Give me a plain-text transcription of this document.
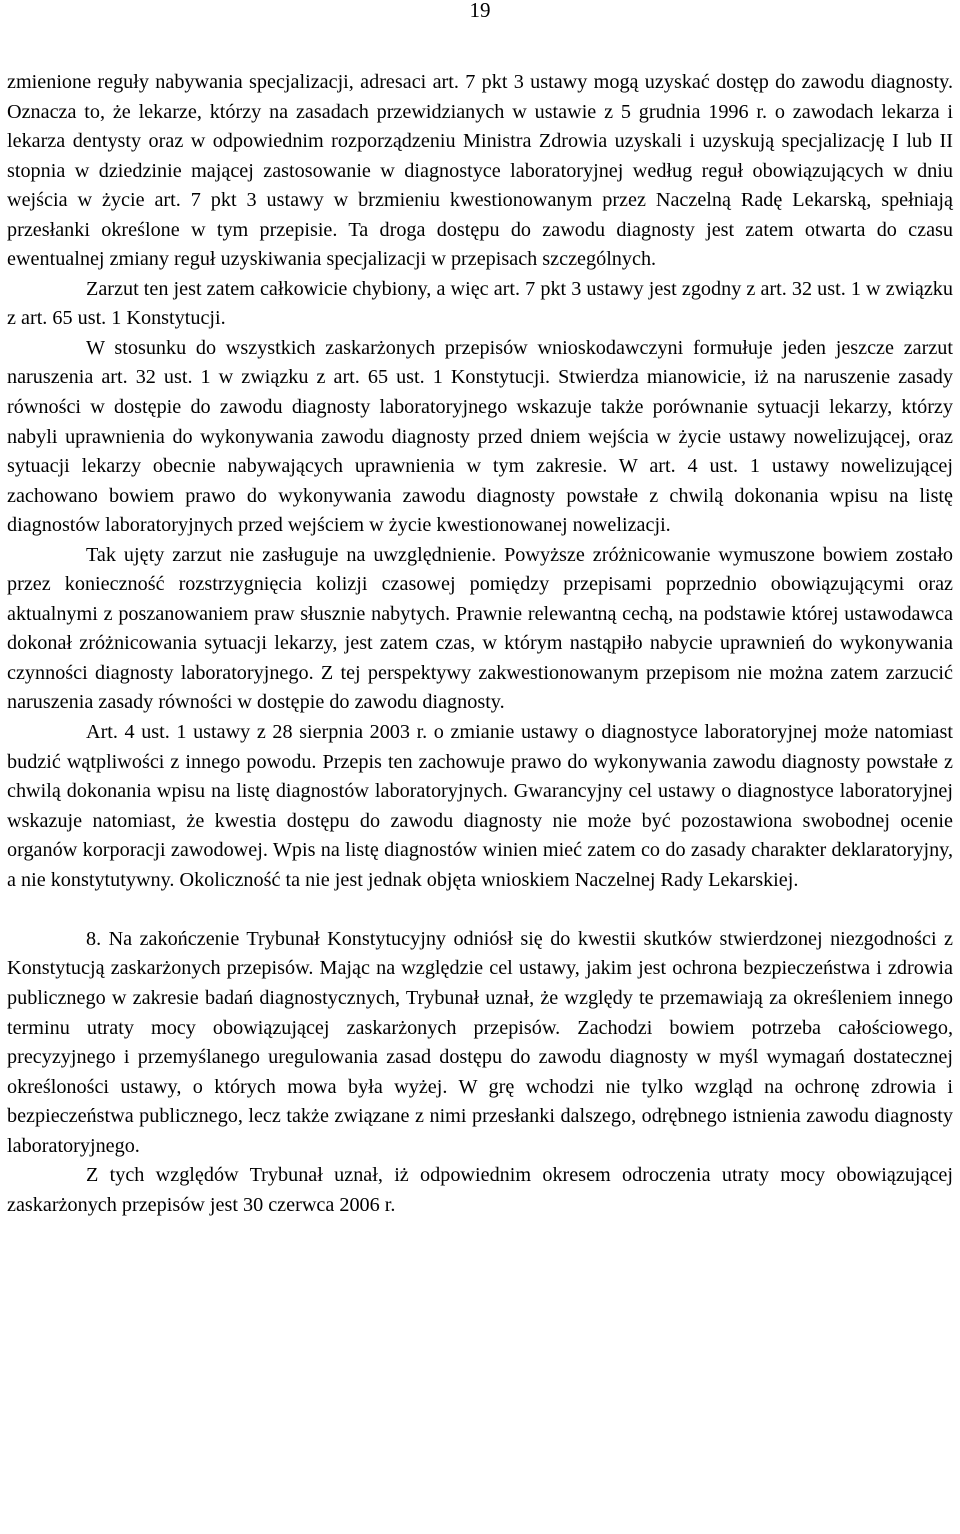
19

zmienione reguły nabywania specjalizacji, adresaci art. 7 pkt 3 ustawy mogą uzyskać dostęp do zawodu diagnosty. Oznacza to, że lekarze, którzy na zasadach przewidzianych w ustawie z 5 grudnia 1996 r. o zawodach lekarza i lekarza dentysty oraz w odpowiednim rozporządzeniu Ministra Zdrowia uzyskali i uzyskują specjalizację I lub II stopnia w dziedzinie mającej zastosowanie w diagnostyce laboratoryjnej według reguł obowiązujących w dniu wejścia w życie art. 7 pkt 3 ustawy w brzmieniu kwestionowanym przez Naczelną Radę Lekarską, spełniają przesłanki określone w tym przepisie. Ta droga dostępu do zawodu diagnosty jest zatem otwarta do czasu ewentualnej zmiany reguł uzyskiwania specjalizacji w przepisach szczególnych.

Zarzut ten jest zatem całkowicie chybiony, a więc art. 7 pkt 3 ustawy jest zgodny z art. 32 ust. 1 w związku z art. 65 ust. 1 Konstytucji.

W stosunku do wszystkich zaskarżonych przepisów wnioskodawczyni formułuje jeden jeszcze zarzut naruszenia art. 32 ust. 1 w związku z art. 65 ust. 1 Konstytucji. Stwierdza mianowicie, iż na naruszenie zasady równości w dostępie do zawodu diagnosty laboratoryjnego wskazuje także porównanie sytuacji lekarzy, którzy nabyli uprawnienia do wykonywania zawodu diagnosty przed dniem wejścia w życie ustawy nowelizującej, oraz sytuacji lekarzy obecnie nabywających uprawnienia w tym zakresie. W art. 4 ust. 1 ustawy nowelizującej zachowano bowiem prawo do wykonywania zawodu diagnosty powstałe z chwilą dokonania wpisu na listę diagnostów laboratoryjnych przed wejściem w życie kwestionowanej nowelizacji.

Tak ujęty zarzut nie zasługuje na uwzględnienie. Powyższe zróżnicowanie wymuszone bowiem zostało przez konieczność rozstrzygnięcia kolizji czasowej pomiędzy przepisami poprzednio obowiązującymi oraz aktualnymi z poszanowaniem praw słusznie nabytych. Prawnie relewantną cechą, na podstawie której ustawodawca dokonał zróżnicowania sytuacji lekarzy, jest zatem czas, w którym nastąpiło nabycie uprawnień do wykonywania czynności diagnosty laboratoryjnego. Z tej perspektywy zakwestionowanym przepisom nie można zatem zarzucić naruszenia zasady równości w dostępie do zawodu diagnosty.

Art. 4 ust. 1 ustawy z 28 sierpnia 2003 r. o zmianie ustawy o diagnostyce laboratoryjnej może natomiast budzić wątpliwości z innego powodu. Przepis ten zachowuje prawo do wykonywania zawodu diagnosty powstałe z chwilą dokonania wpisu na listę diagnostów laboratoryjnych. Gwarancyjny cel ustawy o diagnostyce laboratoryjnej wskazuje natomiast, że kwestia dostępu do zawodu diagnosty nie może być pozostawiona swobodnej ocenie organów korporacji zawodowej. Wpis na listę diagnostów winien mieć zatem co do zasady charakter deklaratoryjny, a nie konstytutywny. Okoliczność ta nie jest jednak objęta wnioskiem Naczelnej Rady Lekarskiej.

8. Na zakończenie Trybunał Konstytucyjny odniósł się do kwestii skutków stwierdzonej niezgodności z Konstytucją zaskarżonych przepisów. Mając na względzie cel ustawy, jakim jest ochrona bezpieczeństwa i zdrowia publicznego w zakresie badań diagnostycznych, Trybunał uznał, że względy te przemawiają za określeniem innego terminu utraty mocy obowiązującej zaskarżonych przepisów. Zachodzi bowiem potrzeba całościowego, precyzyjnego i przemyślanego uregulowania zasad dostępu do zawodu diagnosty w myśl wymagań dostatecznej określoności ustawy, o których mowa była wyżej. W grę wchodzi nie tylko wzgląd na ochronę zdrowia i bezpieczeństwa publicznego, lecz także związane z nimi przesłanki dalszego, odrębnego istnienia zawodu diagnosty laboratoryjnego.

Z tych względów Trybunał uznał, iż odpowiednim okresem odroczenia utraty mocy obowiązującej zaskarżonych przepisów jest 30 czerwca 2006 r.
